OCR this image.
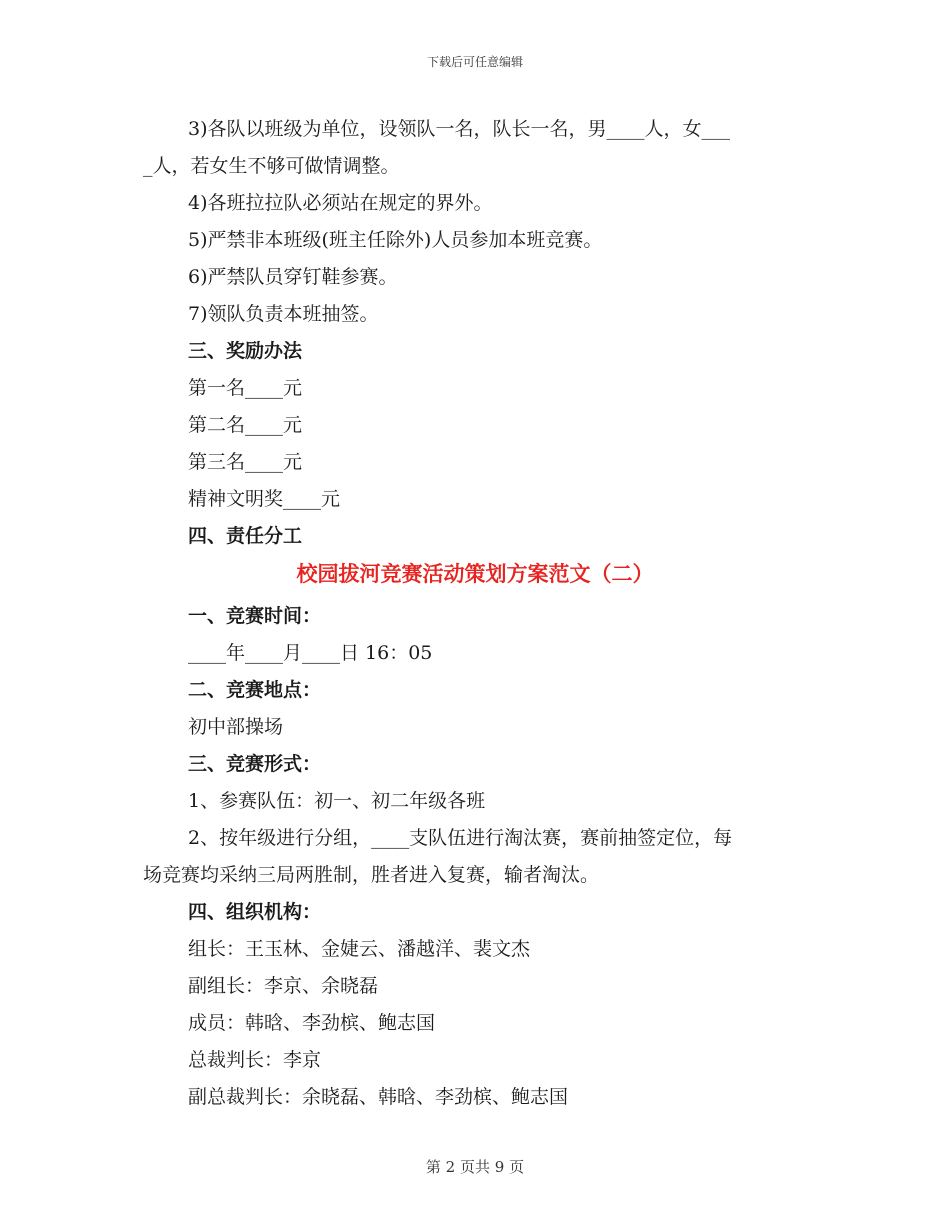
下载后可任意编辑
3)各队以班级为单位，设领队一名，队长一名，男____人，女___
_人，若女生不够可做情调整。
4)各班拉拉队必须站在规定的界外。
5)严禁非本班级(班主任除外)人员参加本班竞赛。
6)严禁队员穿钉鞋参赛。
7)领队负责本班抽签。
三、奖励办法
第一名____元
第二名____元
第三名____元
精神文明奖____元
四、责任分工
校园拔河竞赛活动策划方案范文（二）
一、竞赛时间：
____年____月____日 16：05
二、竞赛地点：
初中部操场
三、竞赛形式：
1、参赛队伍：初一、初二年级各班
2、按年级进行分组，____支队伍进行淘汰赛，赛前抽签定位，每
场竞赛均采纳三局两胜制，胜者进入复赛，输者淘汰。
四、组织机构：
组长：王玉林、金婕云、潘越洋、裴文杰
副组长：李京、余晓磊
成员：韩晗、李劲槟、鲍志国
总裁判长：李京
副总裁判长：余晓磊、韩晗、李劲槟、鲍志国
第 2 页共 9 页
